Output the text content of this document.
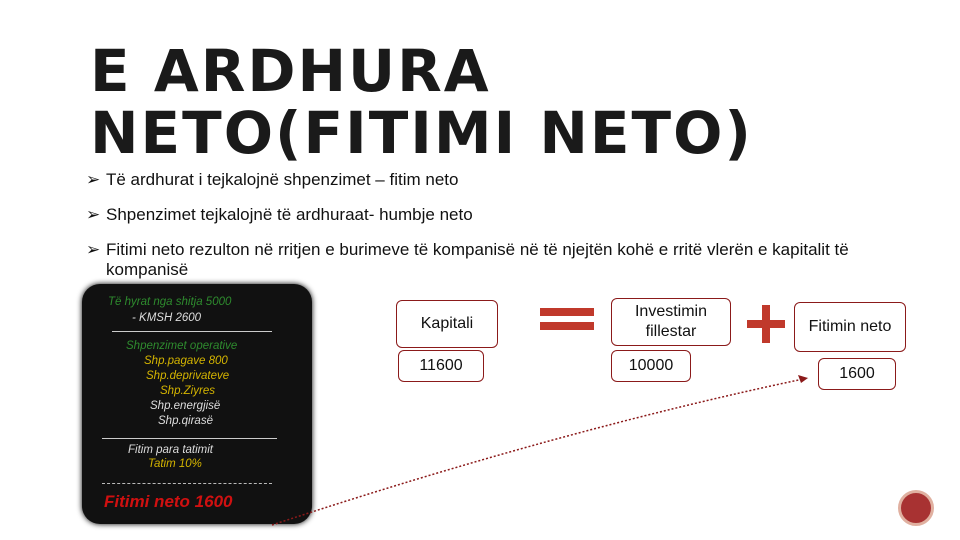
E ARDHURA NETO(FITIMI NETO)
➢ Të ardhurat i tejkalojnë shpenzimet – fitim neto
➢ Shpenzimet tejkalojnë të ardhuraat- humbje neto
➢ Fitimi neto rezulton në rritjen e burimeve të kompanisë në të njejtën kohë e rritë vlerën e kapitalit të kompanisë
Të hyrat nga shitja 5000
- KMSH 2600
Shpenzimet operative
Shp.pagave 800
Shp.deprivateve
Shp.Ziyres
Shp.energjisë
Shp.qirasë
Fitim para tatimit
Tatim 10%
Fitimi neto 1600
Kapitali
11600
Investimin fillestar
10000
Fitimin neto
1600
